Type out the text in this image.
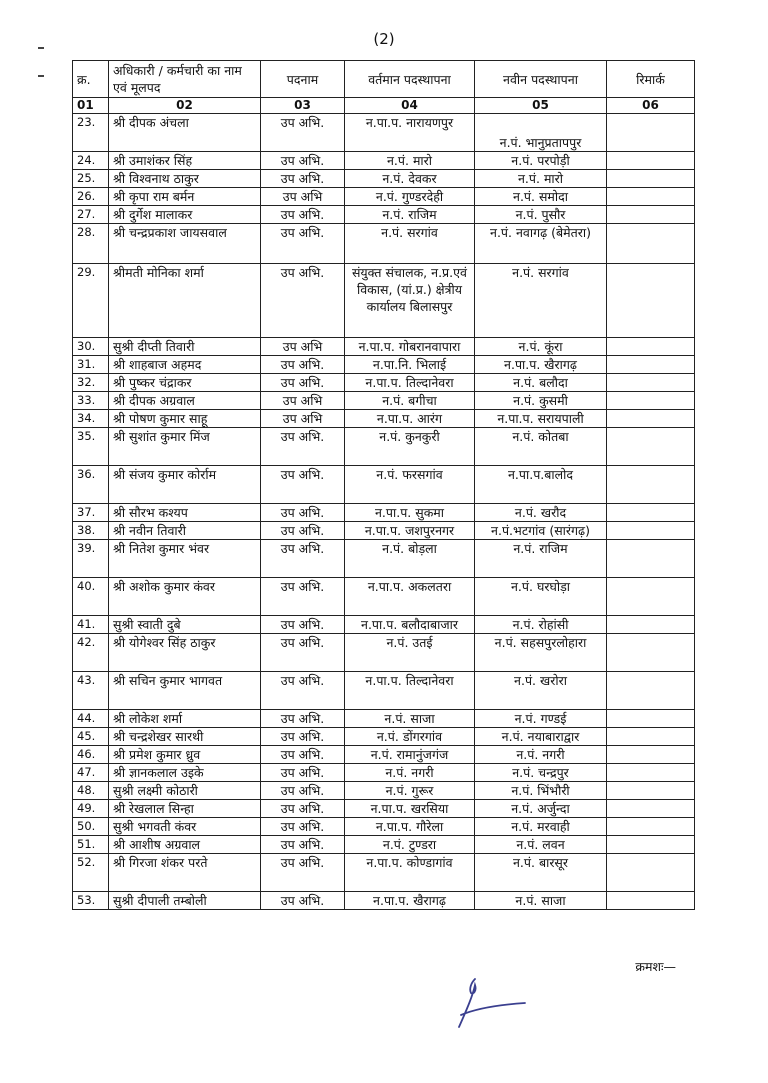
(2)
क्र.	अधिकारी / कर्मचारी का नाम एवं मूलपद	पदनाम	वर्तमान पदस्थापना	नवीन पदस्थापना	रिमार्क
01	02	03	04	05	06
23.	श्री दीपक अंचला	उप अभि.	न.पा.प. नारायणपुर	न.पं. भानुप्रतापपुर	
24.	श्री उमाशंकर सिंह	उप अभि.	न.पं. मारो	न.पं. परपोड़ी	
25.	श्री विश्वनाथ ठाकुर	उप अभि.	न.पं. देवकर	न.पं. मारो	
26.	श्री कृपा राम बर्मन	उप अभि	न.पं. गुण्डरदेही	न.पं. समोदा	
27.	श्री दुर्गेश मालाकर	उप अभि.	न.पं. राजिम	न.पं. पुसौर	
28.	श्री चन्द्रप्रकाश जायसवाल	उप अभि.	न.पं. सरगांव	न.पं. नवागढ़ (बेमेतरा)	
29.	श्रीमती मोनिका शर्मा	उप अभि.	संयुक्त संचालक, न.प्र.एवं विकास, (यां.प्र.) क्षेत्रीय कार्यालय बिलासपुर	न.पं. सरगांव	
30.	सुश्री दीप्ती तिवारी	उप अभि	न.पा.प. गोबरानवापारा	न.पं. कूंरा	
31.	श्री शाहबाज अहमद	उप अभि.	न.पा.नि. भिलाई	न.पा.प. खैरागढ़	
32.	श्री पुष्कर चंद्राकर	उप अभि.	न.पा.प. तिल्दानेवरा	न.पं. बलौदा	
33.	श्री दीपक अग्रवाल	उप अभि	न.पं. बगीचा	न.पं. कुसमी	
34.	श्री पोषण कुमार साहू	उप अभि	न.पा.प. आरंग	न.पा.प. सरायपाली	
35.	श्री सुशांत कुमार मिंज	उप अभि.	न.पं. कुनकुरी	न.पं. कोतबा	
36.	श्री संजय कुमार कोर्राम	उप अभि.	न.पं. फरसगांव	न.पा.प.बालोद	
37.	श्री सौरभ कश्यप	उप अभि.	न.पा.प. सुकमा	न.पं. खरौद	
38.	श्री नवीन तिवारी	उप अभि.	न.पा.प. जशपुरनगर	न.पं.भटगांव (सारंगढ़)	
39.	श्री नितेश कुमार भंवर	उप अभि.	न.पं. बोड़ला	न.पं. राजिम	
40.	श्री अशोक कुमार कंवर	उप अभि.	न.पा.प. अकलतरा	न.पं. घरघोड़ा	
41.	सुश्री स्वाती दुबे	उप अभि.	न.पा.प. बलौदाबाजार	न.पं. रोहांसी	
42.	श्री योगेश्वर सिंह ठाकुर	उप अभि.	न.पं. उतई	न.पं. सहसपुरलोहारा	
43.	श्री सचिन कुमार भागवत	उप अभि.	न.पा.प. तिल्दानेवरा	न.पं. खरोरा	
44.	श्री लोकेश शर्मा	उप अभि.	न.पं. साजा	न.पं. गण्डई	
45.	श्री चन्द्रशेखर सारथी	उप अभि.	न.पं. डोंगरगांव	न.पं. नयाबाराद्वार	
46.	श्री प्रमेश कुमार ध्रुव	उप अभि.	न.पं. रामानुंजगंज	न.पं. नगरी	
47.	श्री ज्ञानकलाल उइके	उप अभि.	न.पं. नगरी	न.पं. चन्द्रपुर	
48.	सुश्री लक्ष्मी कोठारी	उप अभि.	न.पं. गुरूर	न.पं. भिंभौरी	
49.	श्री रेखलाल सिन्हा	उप अभि.	न.पा.प. खरसिया	न.पं. अर्जुन्दा	
50.	सुश्री भगवती कंवर	उप अभि.	न.पा.प. गौरेला	न.पं. मरवाही	
51.	श्री आशीष अग्रवाल	उप अभि.	न.पं. टुण्डरा	न.पं. लवन	
52.	श्री गिरजा शंकर परते	उप अभि.	न.पा.प. कोण्डागांव	न.पं. बारसूर	
53.	सुश्री दीपाली तम्बोली	उप अभि.	न.पा.प. खैरागढ़	न.पं. साजा	
क्रमशः—
